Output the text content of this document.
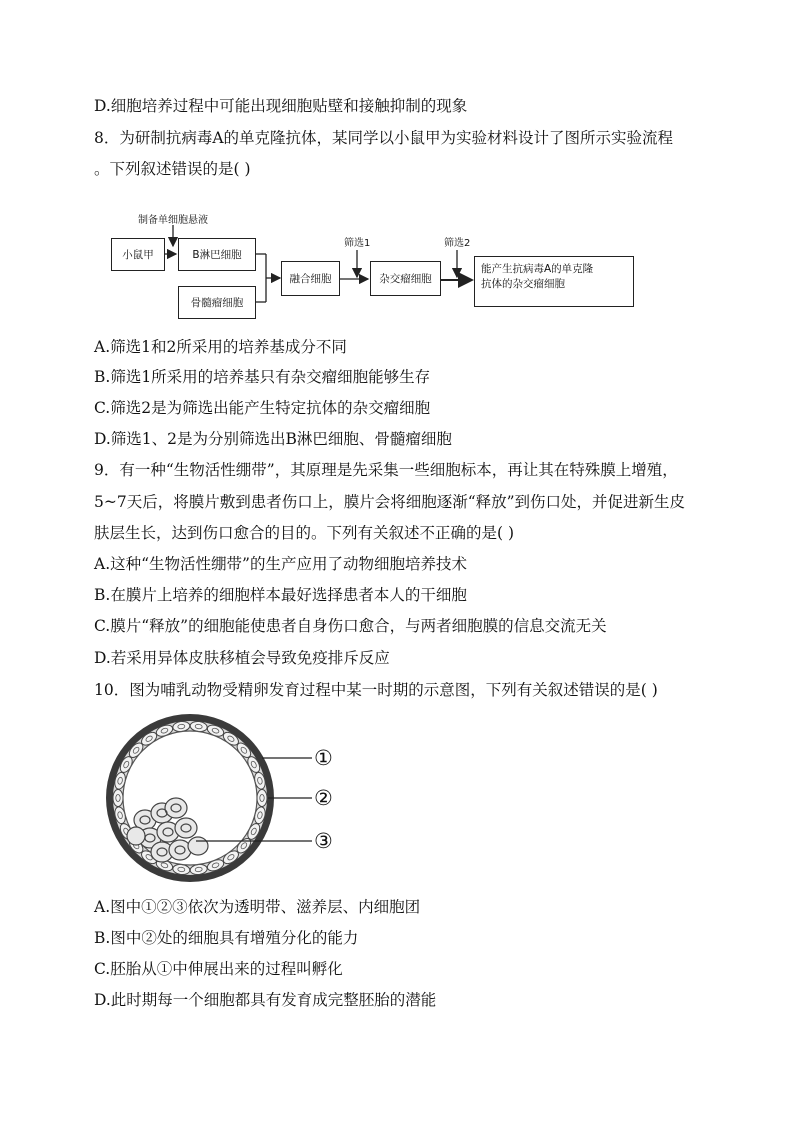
D.细胞培养过程中可能出现细胞贴壁和接触抑制的现象
8．为研制抗病毒A的单克隆抗体，某同学以小鼠甲为实验材料设计了图所示实验流程
。下列叙述错误的是( )
制备单细胞悬液
小鼠甲	B淋巴细胞
骨髓瘤细胞
融合细胞
筛选1
杂交瘤细胞
筛选2
能产生抗病毒A的单克隆
抗体的杂交瘤细胞
A.筛选1和2所采用的培养基成分不同
B.筛选1所采用的培养基只有杂交瘤细胞能够生存
C.筛选2是为筛选出能产生特定抗体的杂交瘤细胞
D.筛选1、2是为分别筛选出B淋巴细胞、骨髓瘤细胞
9．有一种“生物活性绷带”，其原理是先采集一些细胞标本，再让其在特殊膜上增殖，
5~7天后，将膜片敷到患者伤口上，膜片会将细胞逐渐“释放”到伤口处，并促进新生皮
肤层生长，达到伤口愈合的目的。下列有关叙述不正确的是( )
A.这种“生物活性绷带”的生产应用了动物细胞培养技术
B.在膜片上培养的细胞样本最好选择患者本人的干细胞
C.膜片“释放”的细胞能使患者自身伤口愈合，与两者细胞膜的信息交流无关
D.若采用异体皮肤移植会导致免疫排斥反应
10．图为哺乳动物受精卵发育过程中某一时期的示意图，下列有关叙述错误的是( )
①
②
③
A.图中①②③依次为透明带、滋养层、内细胞团
B.图中②处的细胞具有增殖分化的能力
C.胚胎从①中伸展出来的过程叫孵化
D.此时期每一个细胞都具有发育成完整胚胎的潜能
